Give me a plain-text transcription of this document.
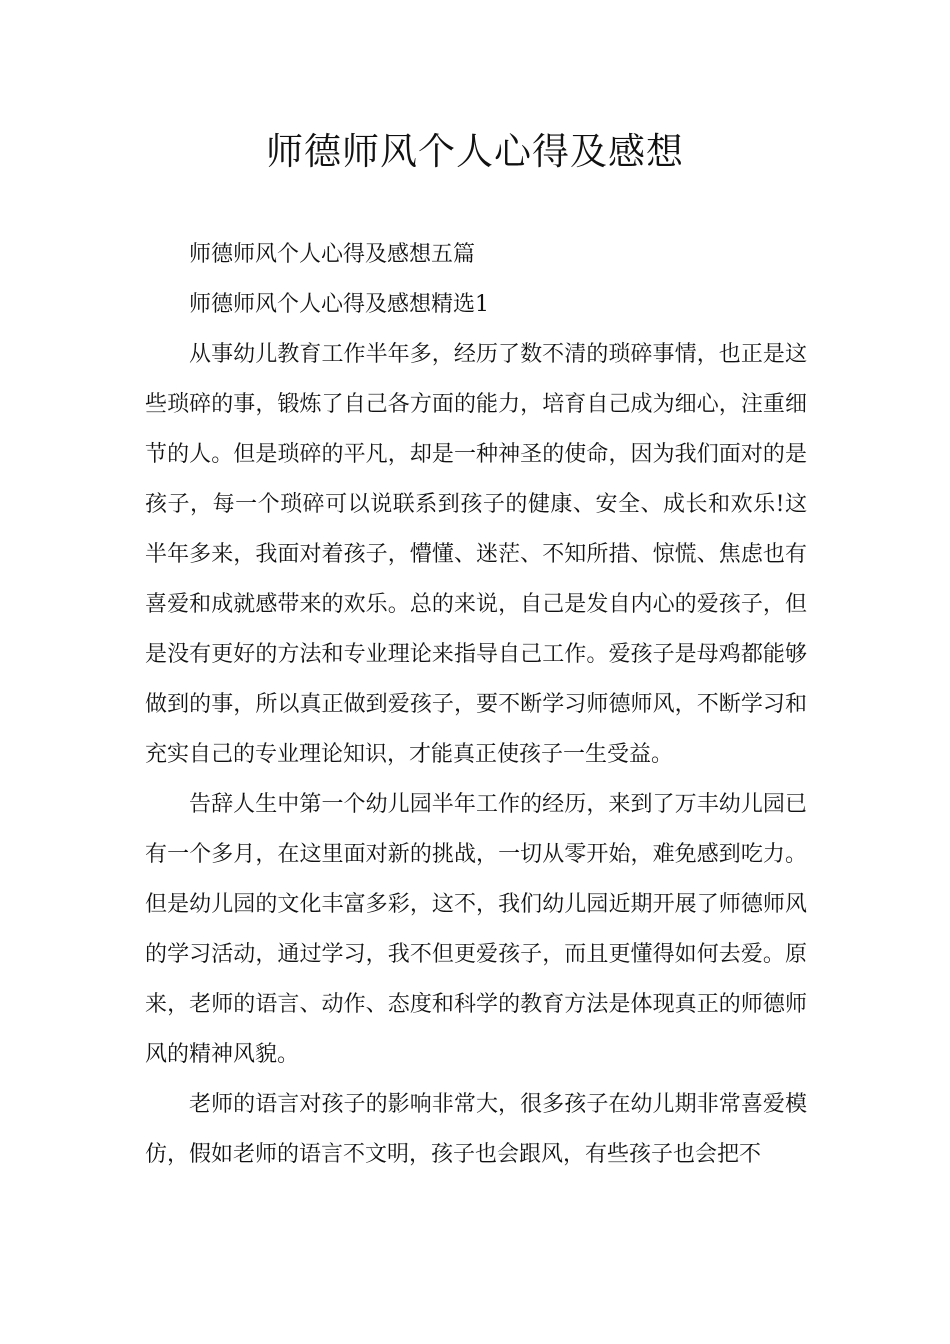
师德师风个人心得及感想

师德师风个人心得及感想五篇

师德师风个人心得及感想精选1

从事幼儿教育工作半年多，经历了数不清的琐碎事情，也正是这些琐碎的事，锻炼了自己各方面的能力，培育自己成为细心，注重细节的人。但是琐碎的平凡，却是一种神圣的使命，因为我们面对的是孩子，每一个琐碎可以说联系到孩子的健康、安全、成长和欢乐!这半年多来，我面对着孩子，懵懂、迷茫、不知所措、惊慌、焦虑也有喜爱和成就感带来的欢乐。总的来说，自己是发自内心的爱孩子，但是没有更好的方法和专业理论来指导自己工作。爱孩子是母鸡都能够做到的事，所以真正做到爱孩子，要不断学习师德师风，不断学习和充实自己的专业理论知识，才能真正使孩子一生受益。

告辞人生中第一个幼儿园半年工作的经历，来到了万丰幼儿园已有一个多月，在这里面对新的挑战，一切从零开始，难免感到吃力。但是幼儿园的文化丰富多彩，这不，我们幼儿园近期开展了师德师风的学习活动，通过学习，我不但更爱孩子，而且更懂得如何去爱。原来，老师的语言、动作、态度和科学的教育方法是体现真正的师德师风的精神风貌。

老师的语言对孩子的影响非常大，很多孩子在幼儿期非常喜爱模仿，假如老师的语言不文明，孩子也会跟风，有些孩子也会把不
